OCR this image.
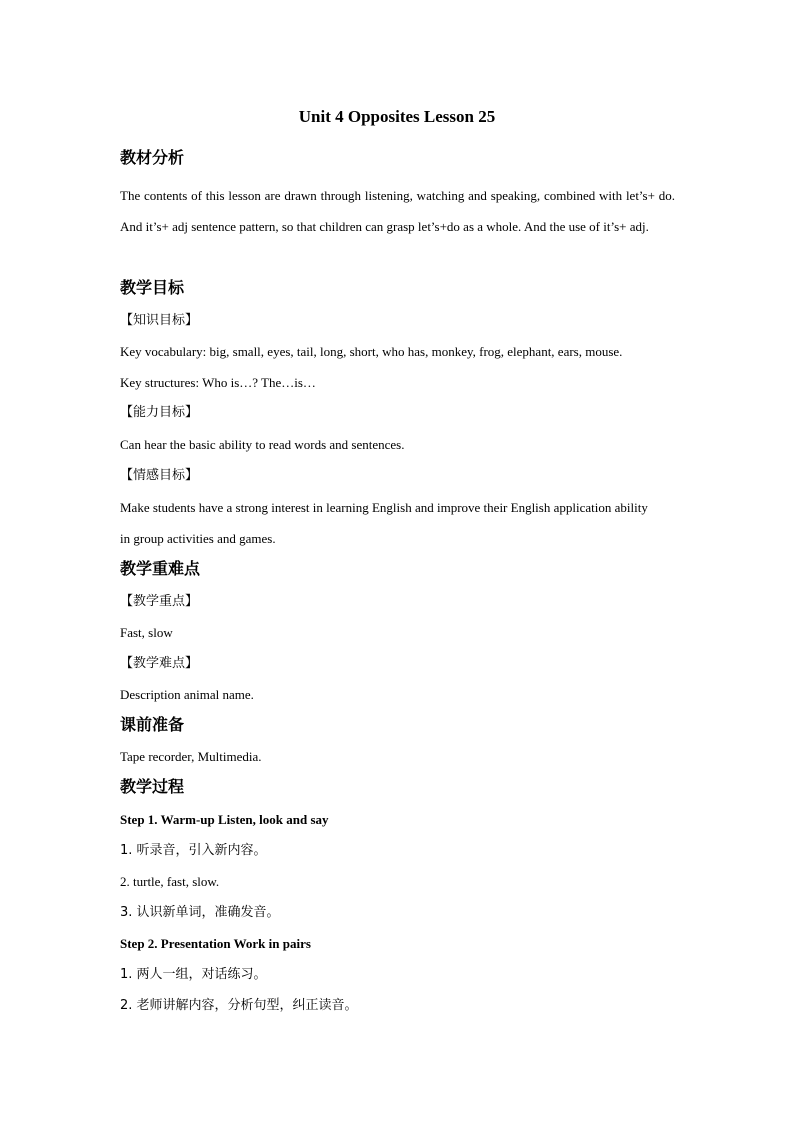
Unit 4 Opposites Lesson 25

教材分析

The contents of this lesson are drawn through listening, watching and speaking, combined with let’s+ do. And it’s+ adj sentence pattern, so that children can grasp let’s+do as a whole. And the use of it’s+ adj.

教学目标

【知识目标】

Key vocabulary: big, small, eyes, tail, long, short, who has, monkey, frog, elephant, ears, mouse.

Key structures: Who is…? The…is…

【能力目标】

Can hear the basic ability to read words and sentences.

【情感目标】

Make students have a strong interest in learning English and improve their English application ability in group activities and games.

教学重难点

【教学重点】

Fast, slow

【教学难点】

Description animal name.

课前准备

Tape recorder, Multimedia.

教学过程

Step 1. Warm-up Listen, look and say

1. 听录音，引入新内容。

2. turtle, fast, slow.

3. 认识新单词，准确发音。

Step 2. Presentation Work in pairs

1. 两人一组，对话练习。

2. 老师讲解内容，分析句型，纠正读音。
